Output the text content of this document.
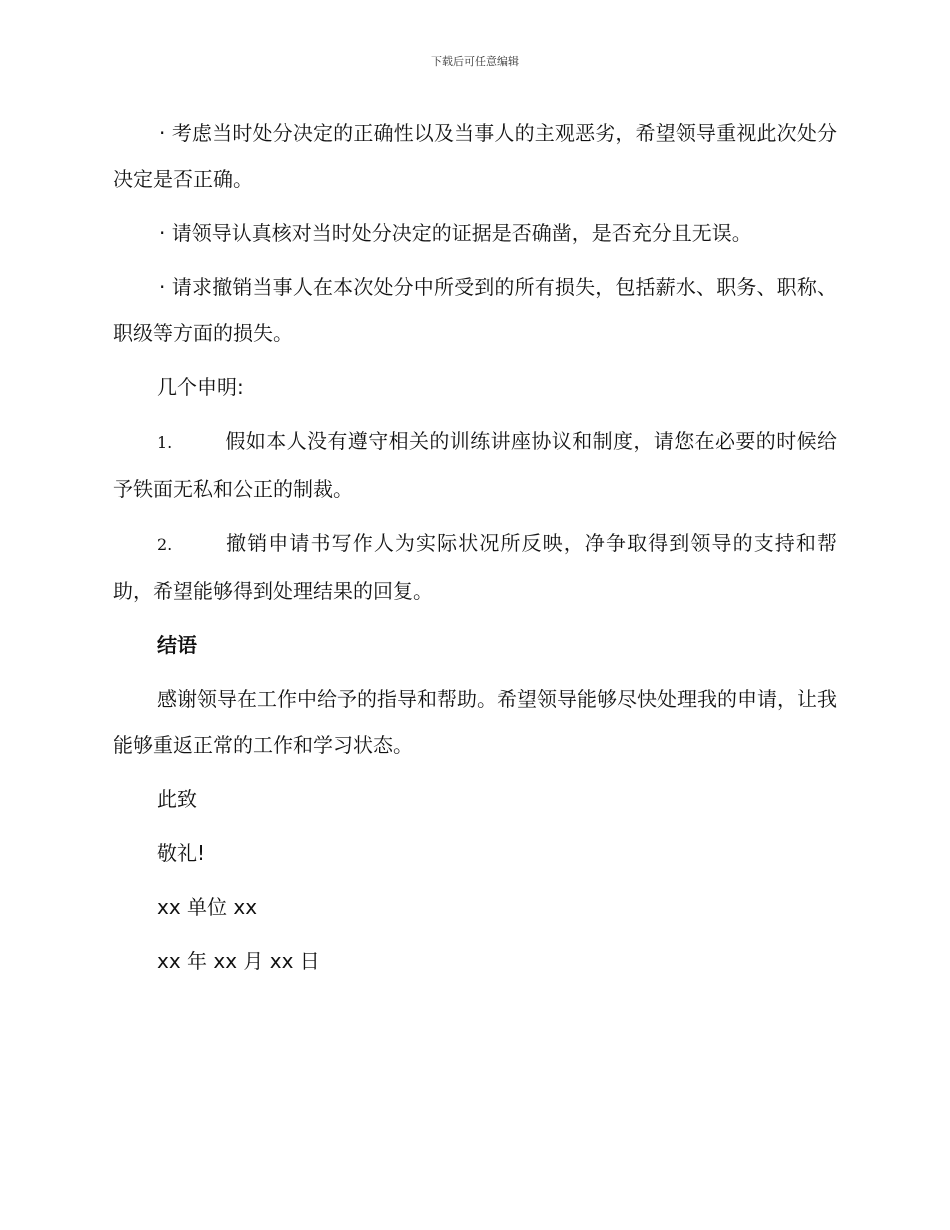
下载后可任意编辑

· 考虑当时处分决定的正确性以及当事人的主观恶劣，希望领导重视此次处分决定是否正确。

· 请领导认真核对当时处分决定的证据是否确凿，是否充分且无误。

· 请求撤销当事人在本次处分中所受到的所有损失，包括薪水、职务、职称、职级等方面的损失。

几个申明:

1.	假如本人没有遵守相关的训练讲座协议和制度，请您在必要的时候给予铁面无私和公正的制裁。

2.	撤销申请书写作人为实际状况所反映，净争取得到领导的支持和帮助，希望能够得到处理结果的回复。

结语

感谢领导在工作中给予的指导和帮助。希望领导能够尽快处理我的申请，让我能够重返正常的工作和学习状态。

此致

敬礼!

xx 单位 xx

xx 年 xx 月 xx 日
